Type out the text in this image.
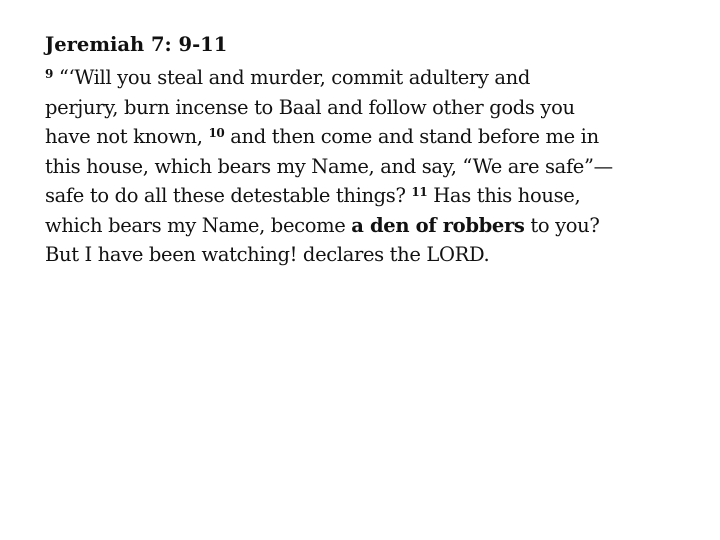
Jeremiah 7: 9-11
$^9$ “‘Will you steal and murder, commit adultery and
perjury, burn incense to Baal and follow other gods you
have not known, $^{10}$ and then come and stand before me in
this house, which bears my Name, and say, “We are safe”—
safe to do all these detestable things? $^{11}$ Has this house,
which bears my Name, become a den of robbers to you?
But I have been watching! declares the LORD.
